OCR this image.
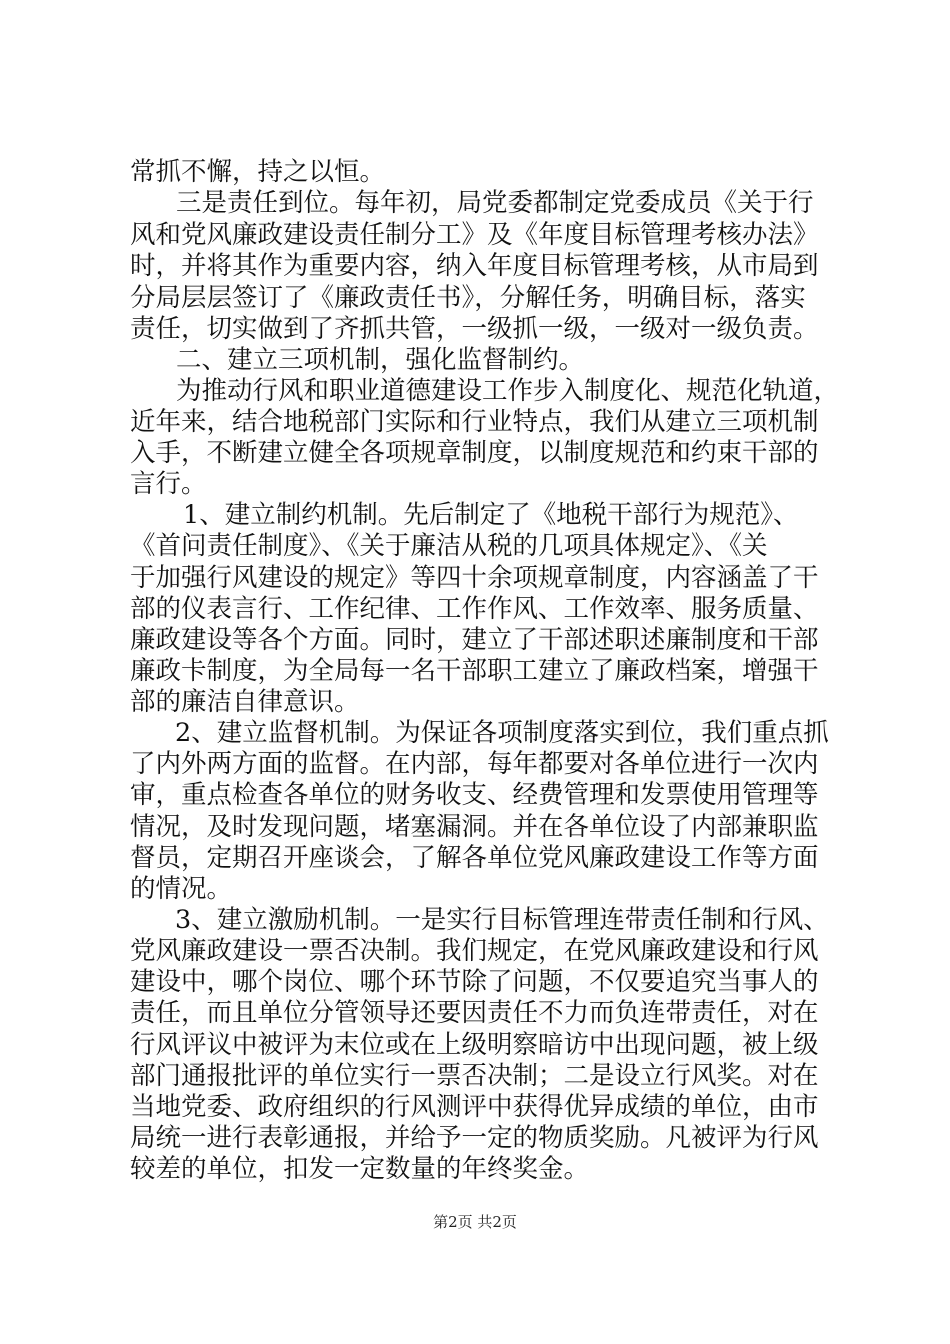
常抓不懈，持之以恒。
三是责任到位。每年初，局党委都制定党委成员《关于行
风和党风廉政建设责任制分工》及《年度目标管理考核办法》
时，并将其作为重要内容，纳入年度目标管理考核，从市局到
分局层层签订了《廉政责任书》，分解任务，明确目标，落实
责任，切实做到了齐抓共管，一级抓一级，一级对一级负责。
二、建立三项机制，强化监督制约。
为推动行风和职业道德建设工作步入制度化、规范化轨道，
近年来，结合地税部门实际和行业特点，我们从建立三项机制
入手，不断建立健全各项规章制度，以制度规范和约束干部的
言行。
1、建立制约机制。先后制定了《地税干部行为规范》、
《首问责任制度》、《关于廉洁从税的几项具体规定》、《关
于加强行风建设的规定》等四十余项规章制度，内容涵盖了干
部的仪表言行、工作纪律、工作作风、工作效率、服务质量、
廉政建设等各个方面。同时，建立了干部述职述廉制度和干部
廉政卡制度，为全局每一名干部职工建立了廉政档案，增强干
部的廉洁自律意识。
2、建立监督机制。为保证各项制度落实到位，我们重点抓
了内外两方面的监督。在内部，每年都要对各单位进行一次内
审，重点检查各单位的财务收支、经费管理和发票使用管理等
情况，及时发现问题，堵塞漏洞。并在各单位设了内部兼职监
督员，定期召开座谈会，了解各单位党风廉政建设工作等方面
的情况。
3、建立激励机制。一是实行目标管理连带责任制和行风、
党风廉政建设一票否决制。我们规定，在党风廉政建设和行风
建设中，哪个岗位、哪个环节除了问题，不仅要追究当事人的
责任，而且单位分管领导还要因责任不力而负连带责任，对在
行风评议中被评为末位或在上级明察暗访中出现问题，被上级
部门通报批评的单位实行一票否决制；二是设立行风奖。对在
当地党委、政府组织的行风测评中获得优异成绩的单位，由市
局统一进行表彰通报，并给予一定的物质奖励。凡被评为行风
较差的单位，扣发一定数量的年终奖金。
第2页 共2页
